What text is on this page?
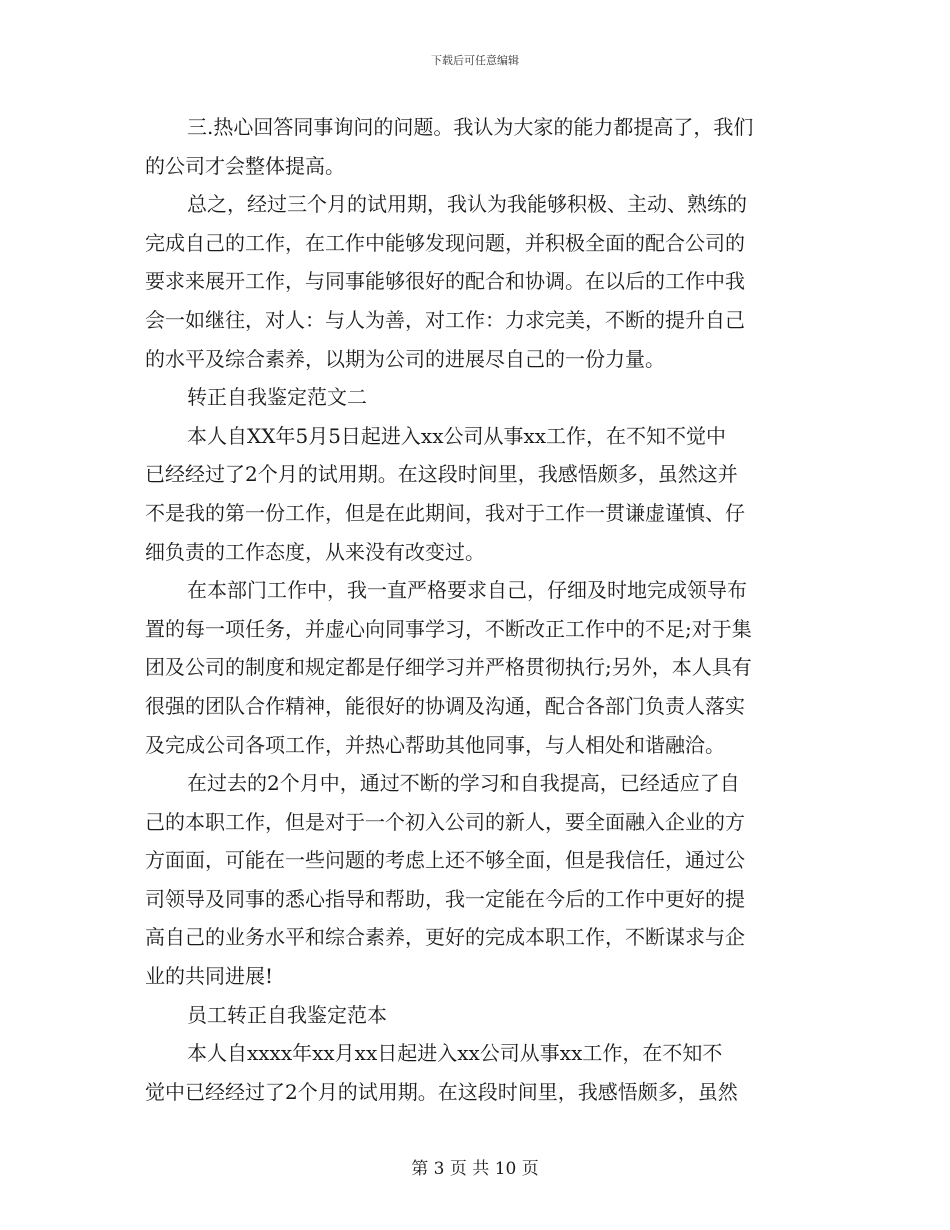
下载后可任意编辑
三.热心回答同事询问的问题。我认为大家的能力都提高了，我们
的公司才会整体提高。
总之，经过三个月的试用期，我认为我能够积极、主动、熟练的
完成自己的工作，在工作中能够发现问题，并积极全面的配合公司的
要求来展开工作，与同事能够很好的配合和协调。在以后的工作中我
会一如继往，对人：与人为善，对工作：力求完美，不断的提升自己
的水平及综合素养，以期为公司的进展尽自己的一份力量。
转正自我鉴定范文二
本人自XX年5月5日起进入xx公司从事xx工作，在不知不觉中
已经经过了2个月的试用期。在这段时间里，我感悟颇多，虽然这并
不是我的第一份工作，但是在此期间，我对于工作一贯谦虚谨慎、仔
细负责的工作态度，从来没有改变过。
在本部门工作中，我一直严格要求自己，仔细及时地完成领导布
置的每一项任务，并虚心向同事学习，不断改正工作中的不足;对于集
团及公司的制度和规定都是仔细学习并严格贯彻执行;另外，本人具有
很强的团队合作精神，能很好的协调及沟通，配合各部门负责人落实
及完成公司各项工作，并热心帮助其他同事，与人相处和谐融洽。
在过去的2个月中，通过不断的学习和自我提高，已经适应了自
己的本职工作，但是对于一个初入公司的新人，要全面融入企业的方
方面面，可能在一些问题的考虑上还不够全面，但是我信任，通过公
司领导及同事的悉心指导和帮助，我一定能在今后的工作中更好的提
高自己的业务水平和综合素养，更好的完成本职工作，不断谋求与企
业的共同进展!
员工转正自我鉴定范本
本人自xxxx年xx月xx日起进入xx公司从事xx工作，在不知不
觉中已经经过了2个月的试用期。在这段时间里，我感悟颇多，虽然
第 3 页 共 10 页
